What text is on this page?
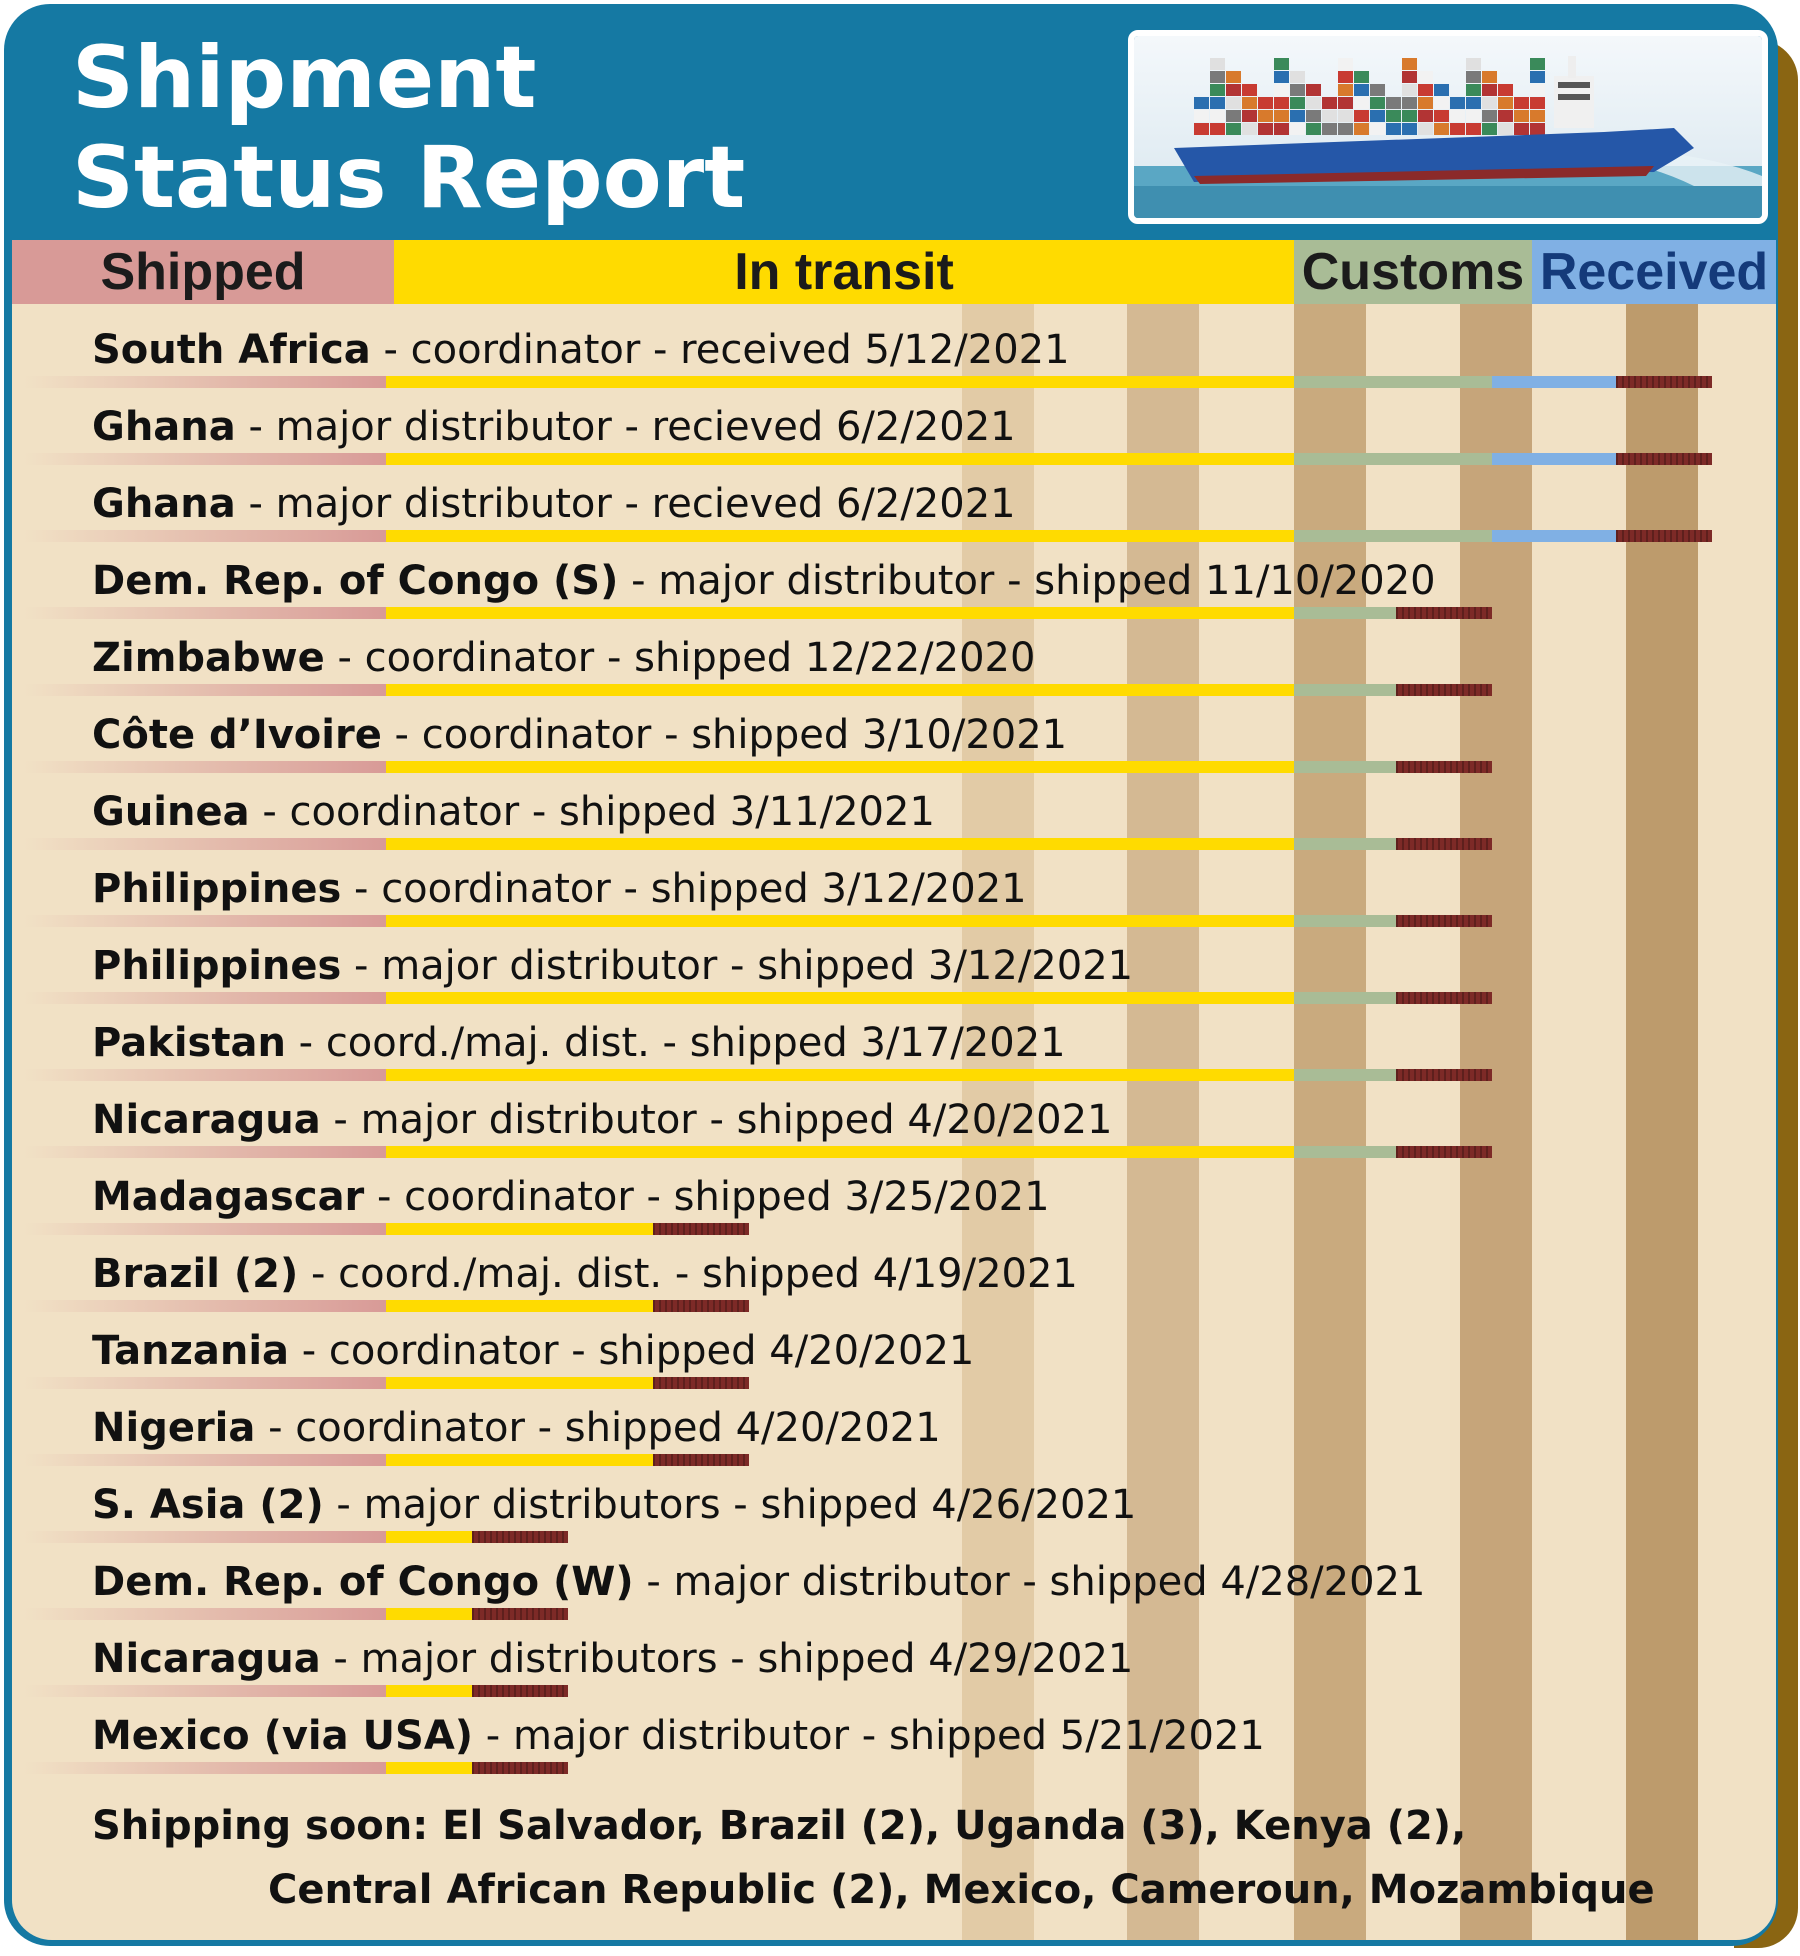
Shipment
Status Report
Shipped	In transit	Customs Received

South Africa - coordinator - received 5/12/2021

Ghana - major distributor - recieved 6/2/2021

Ghana - major distributor - recieved 6/2/2021

Dem. Rep. of Congo (S) - major distributor - shipped 11/10/2020

Zimbabwe - coordinator - shipped 12/22/2020

Côte d’Ivoire - coordinator - shipped 3/10/2021

Guinea - coordinator - shipped 3/11/2021

Philippines - coordinator - shipped 3/12/2021

Philippines - major distributor - shipped 3/12/2021

Pakistan - coord./maj. dist. - shipped 3/17/2021

Nicaragua - major distributor - shipped 4/20/2021

Madagascar - coordinator - shipped 3/25/2021

Brazil (2) - coord./maj. dist. - shipped 4/19/2021

Tanzania - coordinator - shipped 4/20/2021

Nigeria - coordinator - shipped 4/20/2021

S. Asia (2) - major distributors - shipped 4/26/2021

Dem. Rep. of Congo (W) - major distributor - shipped 4/28/2021

Nicaragua - major distributors - shipped 4/29/2021

Mexico (via USA) - major distributor - shipped 5/21/2021

Shipping soon: El Salvador, Brazil (2), Uganda (3), Kenya (2),
Central African Republic (2), Mexico, Cameroun, Mozambique
